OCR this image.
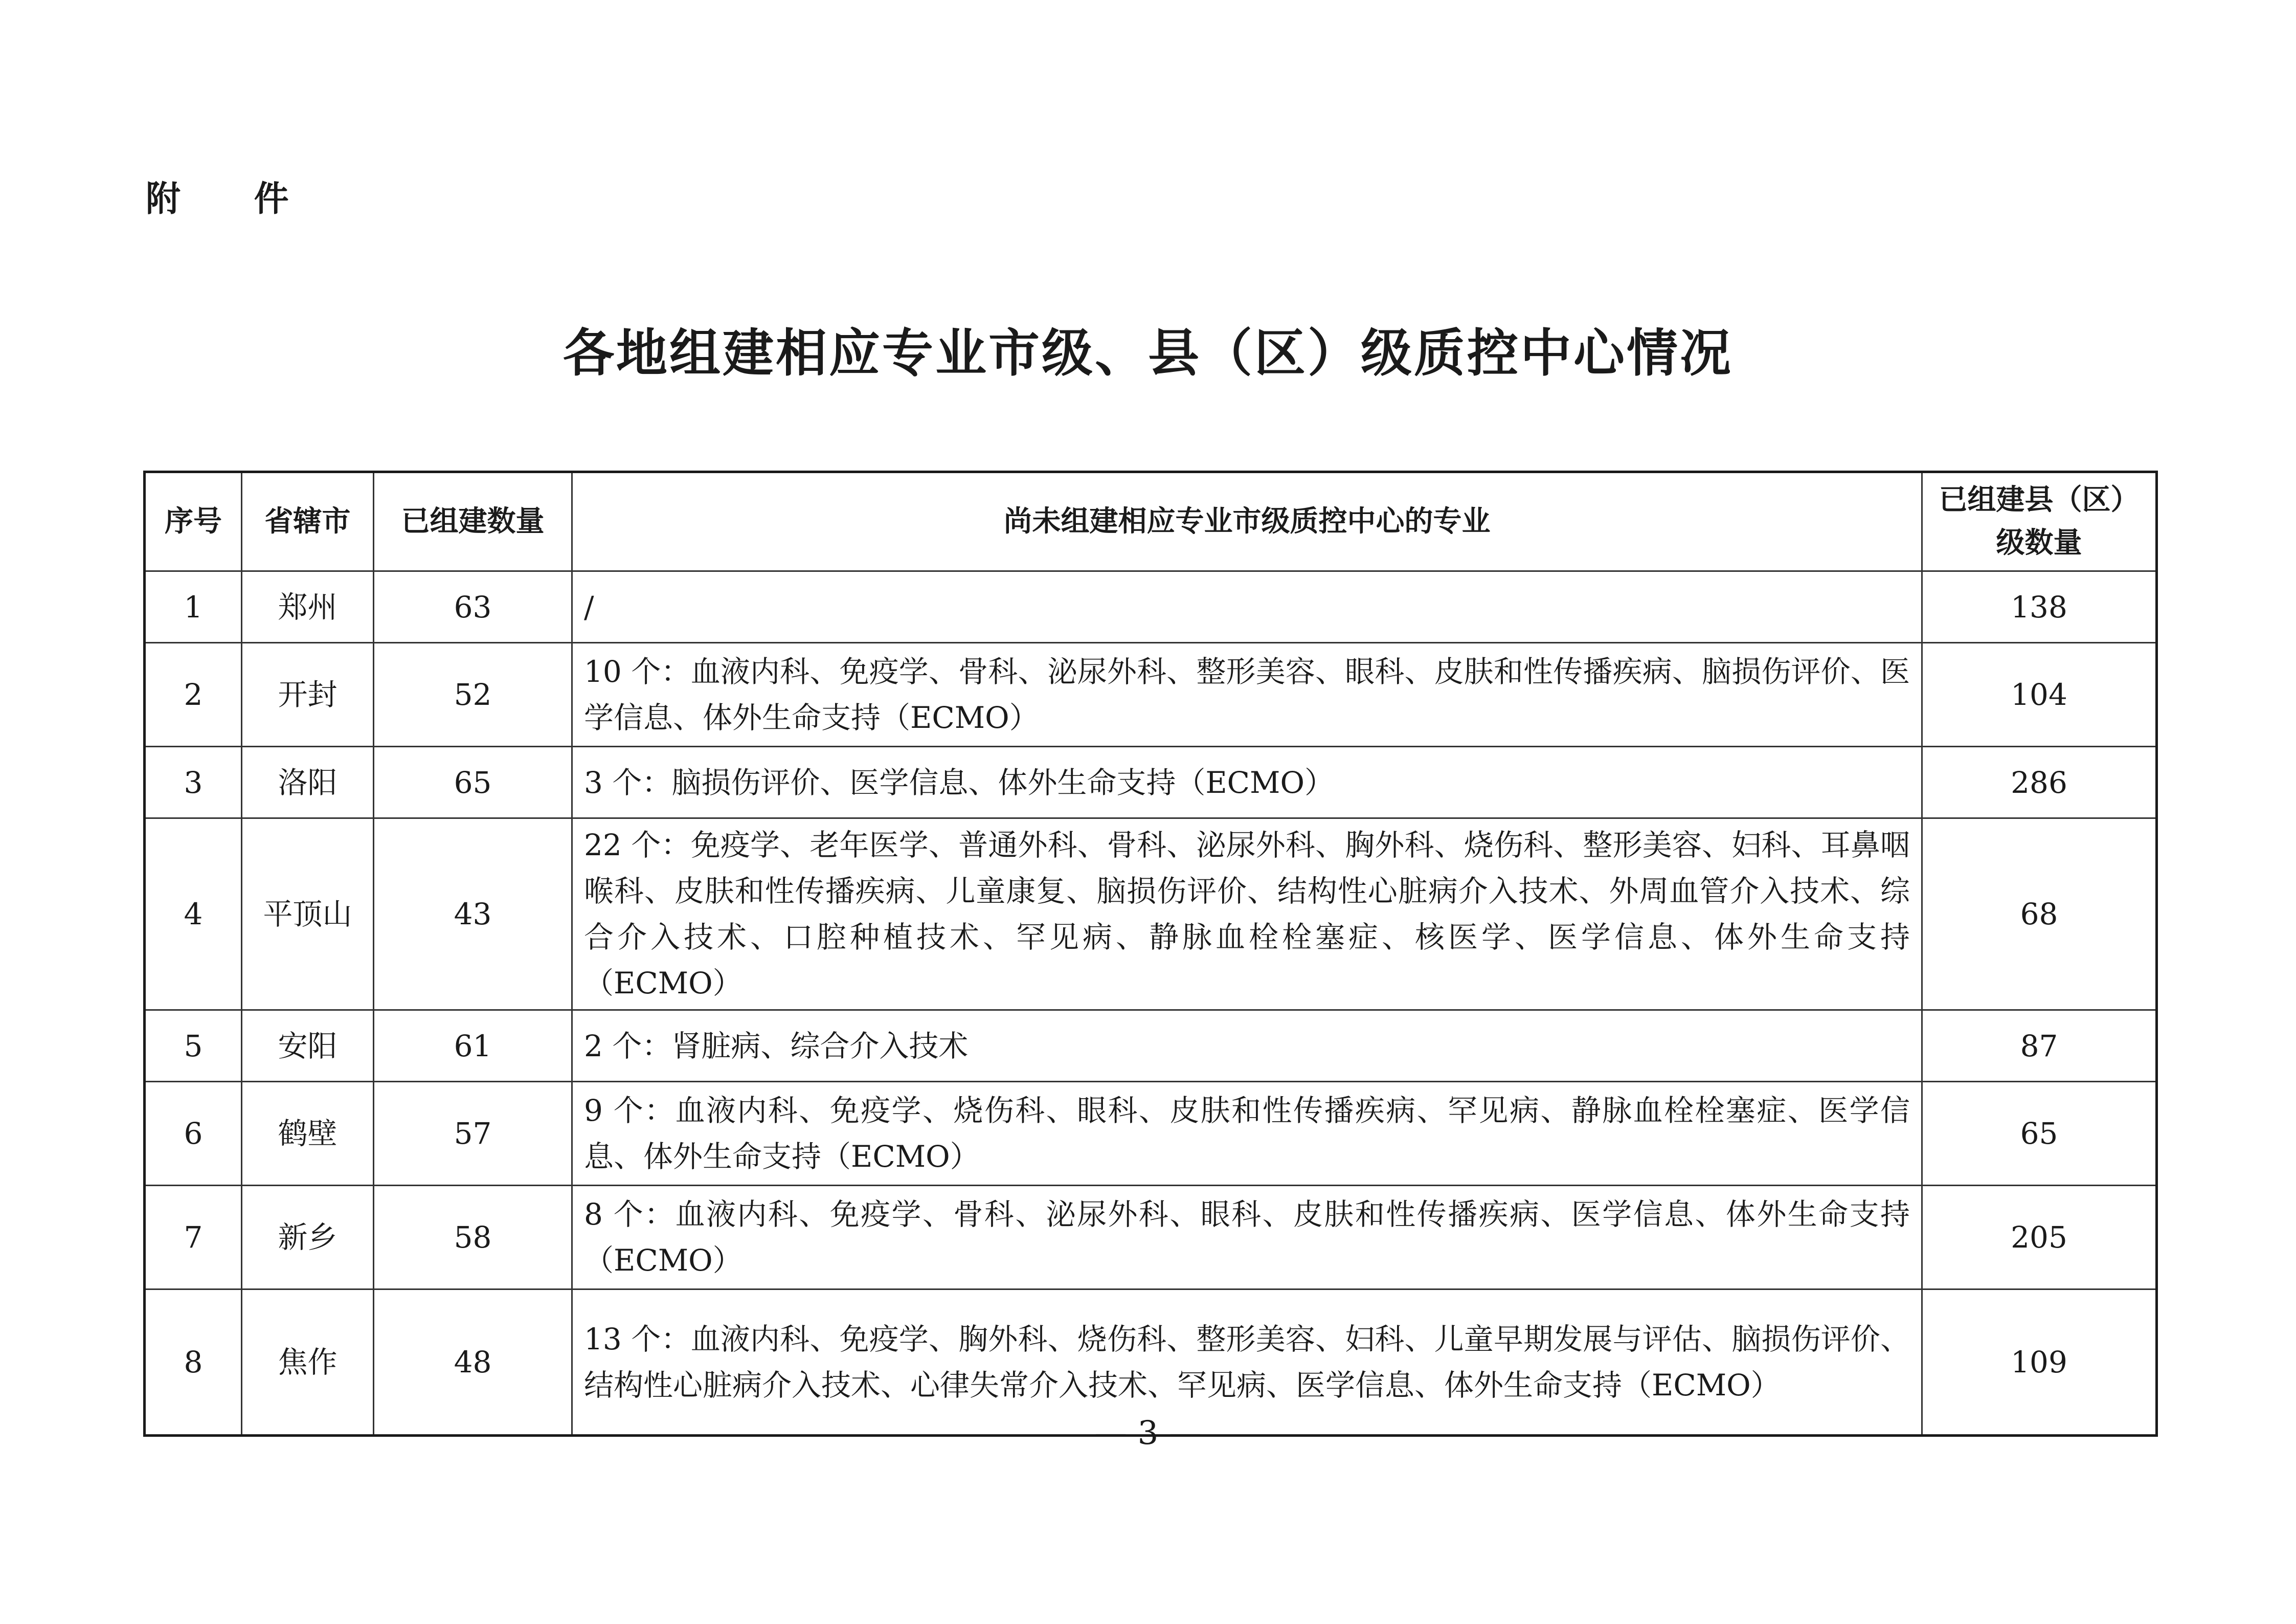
附 件
各地组建相应专业市级、县（区）级质控中心情况
序号	省辖市	已组建数量	尚未组建相应专业市级质控中心的专业	已组建县（区）级数量
1	郑州	63	/	138
2	开封	52	10 个：血液内科、免疫学、骨科、泌尿外科、整形美容、眼科、皮肤和性传播疾病、脑损伤评价、医学信息、体外生命支持（ECMO）	104
3	洛阳	65	3 个：脑损伤评价、医学信息、体外生命支持（ECMO）	286
4	平顶山	43	22 个：免疫学、老年医学、普通外科、骨科、泌尿外科、胸外科、烧伤科、整形美容、妇科、耳鼻咽喉科、皮肤和性传播疾病、儿童康复、脑损伤评价、结构性心脏病介入技术、外周血管介入技术、综合介入技术、口腔种植技术、罕见病、静脉血栓栓塞症、核医学、医学信息、体外生命支持（ECMO）	68
5	安阳	61	2 个：肾脏病、综合介入技术	87
6	鹤壁	57	9 个：血液内科、免疫学、烧伤科、眼科、皮肤和性传播疾病、罕见病、静脉血栓栓塞症、医学信息、体外生命支持（ECMO）	65
7	新乡	58	8 个：血液内科、免疫学、骨科、泌尿外科、眼科、皮肤和性传播疾病、医学信息、体外生命支持（ECMO）	205
8	焦作	48	13 个：血液内科、免疫学、胸外科、烧伤科、整形美容、妇科、儿童早期发展与评估、脑损伤评价、结构性心脏病介入技术、心律失常介入技术、罕见病、医学信息、体外生命支持（ECMO）	109
— 3 —
